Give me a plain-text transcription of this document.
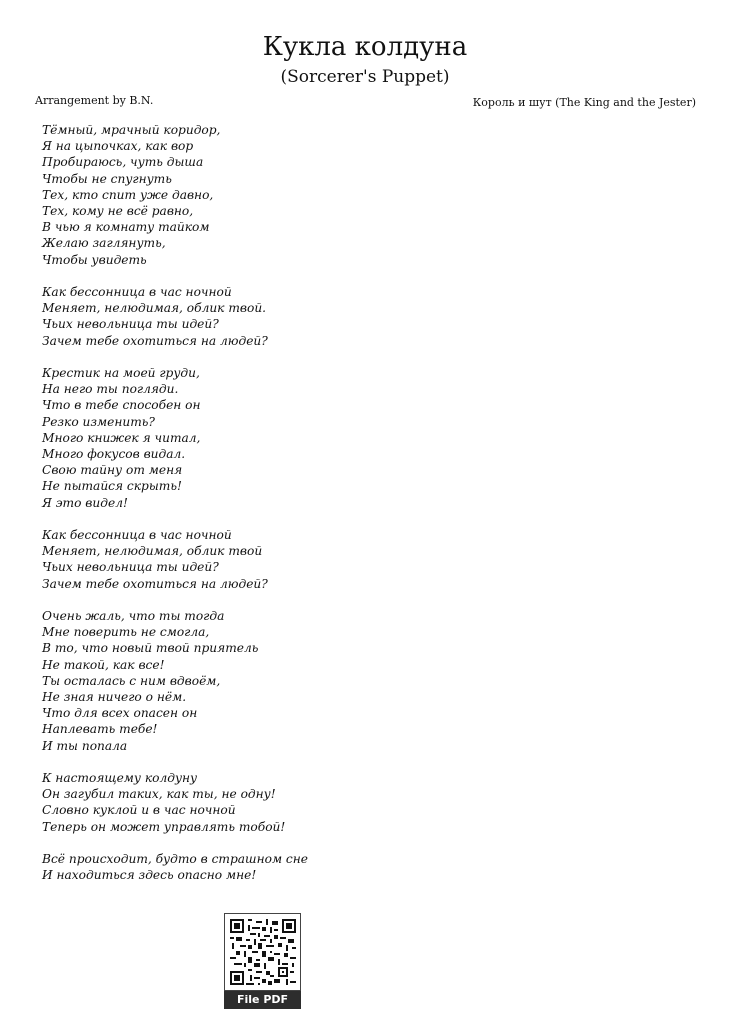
Кукла колдуна
(Sorcerer's Puppet)
Arrangement by B.N.	Король и шут (The King and the Jester)
Тёмный, мрачный коридор,
Я на цыпочках, как вор
Пробираюсь, чуть дыша
Чтобы не спугнуть
Тех, кто спит уже давно,
Тех, кому не всё равно,
В чью я комнату тайком
Желаю заглянуть,
Чтобы увидеть
Как бессонница в час ночной
Меняет, нелюдимая, облик твой.
Чьих невольница ты идей?
Зачем тебе охотиться на людей?
Крестик на моей груди,
На него ты погляди.
Что в тебе способен он
Резко изменить?
Много книжек я читал,
Много фокусов видал.
Свою тайну от меня
Не пытайся скрыть!
Я это видел!
Как бессонница в час ночной
Меняет, нелюдимая, облик твой
Чьих невольница ты идей?
Зачем тебе охотиться на людей?
Очень жаль, что ты тогда
Мне поверить не смогла,
В то, что новый твой приятель
Не такой, как все!
Ты осталась с ним вдвоём,
Не зная ничего о нём.
Что для всех опасен он
Наплевать тебе!
И ты попала
К настоящему колдуну
Он загубил таких, как ты, не одну!
Словно куклой и в час ночной
Теперь он может управлять тобой!
Всё происходит, будто в страшном сне
И находиться здесь опасно мне!
File PDF
